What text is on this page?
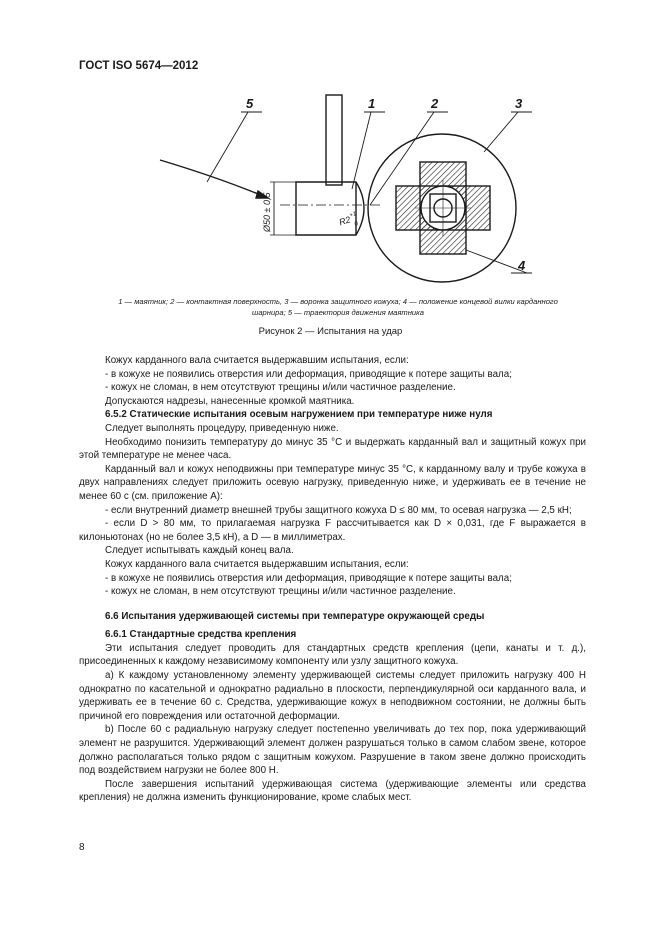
ГОСТ ISO 5674—2012
5	1	2	3
4
Ø50 ± 0,5	R2
+1
0
1 — маятник; 2 — контактная поверхность, 3 — воронка защитного кожуха; 4 — положение концевой вилки карданного
шарнира; 5 — траектория движения маятника
Рисунок 2 — Испытания на удар

Кожух карданного вала считается выдержавшим испытания, если:

- в кожухе не появились отверстия или деформация, приводящие к потере защиты вала;

- кожух не сломан, в нем отсутствуют трещины и/или частичное разделение.

Допускаются надрезы, нанесенные кромкой маятника.

6.5.2 Статические испытания осевым нагружением при температуре ниже нуля

Следует выполнять процедуру, приведенную ниже.

Необходимо понизить температуру до минус 35 °С и выдержать карданный вал и защитный кожух при этой температуре не менее часа.

Карданный вал и кожух неподвижны при температуре минус 35 °С, к карданному валу и трубе кожуха в двух направлениях следует приложить осевую нагрузку, приведенную ниже, и удерживать ее в течение не менее 60 с (см. приложение А):

- если внутренний диаметр внешней трубы защитного кожуха D ≤ 80 мм, то осевая нагрузка — 2,5 кН;

- если D > 80 мм, то прилагаемая нагрузка F рассчитывается как D × 0,031, где F выражается в килоньютонах (но не более 3,5 кН), а D — в миллиметрах.

Следует испытывать каждый конец вала.

Кожух карданного вала считается выдержавшим испытания, если:

- в кожухе не появились отверстия или деформация, приводящие к потере защиты вала;

- кожух не сломан, в нем отсутствуют трещины и/или частичное разделение.

6.6 Испытания удерживающей системы при температуре окружающей среды

6.6.1 Стандартные средства крепления

Эти испытания следует проводить для стандартных средств крепления (цепи, канаты и т. д.), присоединенных к каждому независимому компоненту или узлу защитного кожуха.

а) К каждому установленному элементу удерживающей системы следует приложить нагрузку 400 Н однократно по касательной и однократно радиально в плоскости, перпендикулярной оси карданного вала, и удерживать ее в течение 60 с. Средства, удерживающие кожух в неподвижном состоянии, не должны быть причиной его повреждения или остаточной деформации.

b) После 60 с радиальную нагрузку следует постепенно увеличивать до тех пор, пока удерживающий элемент не разрушится. Удерживающий элемент должен разрушаться только в самом слабом звене, которое должно располагаться только рядом с защитным кожухом. Разрушение в таком звене должно происходить под воздействием нагрузки не более 800 Н.

После завершения испытаний удерживающая система (удерживающие элементы или средства крепления) не должна изменить функционирование, кроме слабых мест.

8
